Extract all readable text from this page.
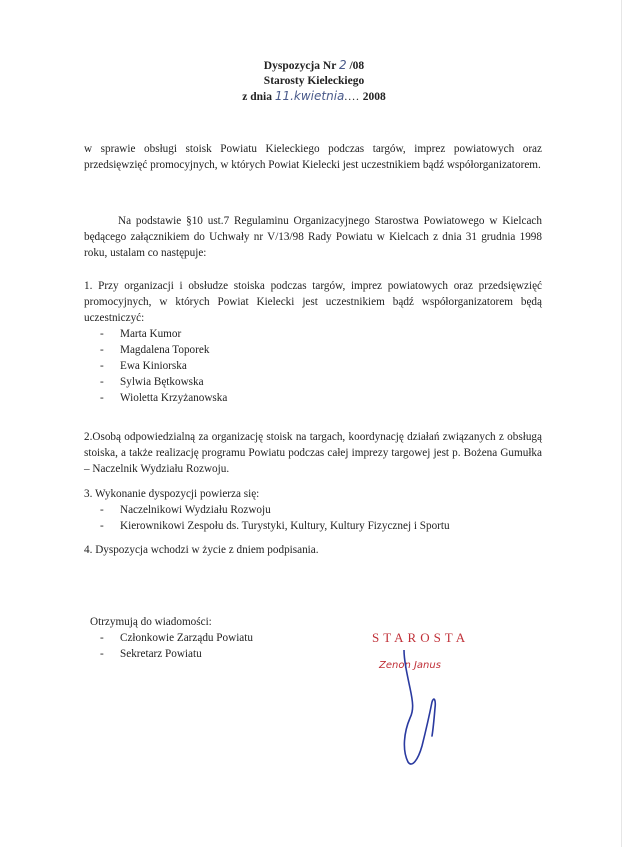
Dyspozycja Nr 2 /08
Starosty Kieleckiego
z dnia 11.kwietnia.... 2008
w sprawie obsługi stoisk Powiatu Kieleckiego podczas targów, imprez powiatowych oraz przedsięwzięć promocyjnych, w których Powiat Kielecki jest uczestnikiem bądź współorganizatorem.
Na podstawie §10 ust.7 Regulaminu Organizacyjnego Starostwa Powiatowego w Kielcach będącego załącznikiem do Uchwały nr V/13/98 Rady Powiatu w Kielcach z dnia 31 grudnia 1998 roku, ustalam co następuje:
1. Przy organizacji i obsłudze stoiska podczas targów, imprez powiatowych oraz przedsięwzięć promocyjnych, w których Powiat Kielecki jest uczestnikiem bądź współorganizatorem będą uczestniczyć:
- Marta Kumor
- Magdalena Toporek
- Ewa Kiniorska
- Sylwia Bętkowska
- Wioletta Krzyżanowska
2.Osobą odpowiedzialną za organizację stoisk na targach, koordynację działań związanych z obsługą stoiska, a także realizację programu Powiatu podczas całej imprezy targowej jest p. Bożena Gumułka – Naczelnik Wydziału Rozwoju.
3. Wykonanie dyspozycji powierza się:
- Naczelnikowi Wydziału Rozwoju
- Kierownikowi Zespołu ds. Turystyki, Kultury, Kultury Fizycznej i Sportu
4. Dyspozycja wchodzi w życie z dniem podpisania.
Otrzymują do wiadomości:
- Członkowie Zarządu Powiatu
- Sekretarz Powiatu
STAROSTA
Zenon Janus
